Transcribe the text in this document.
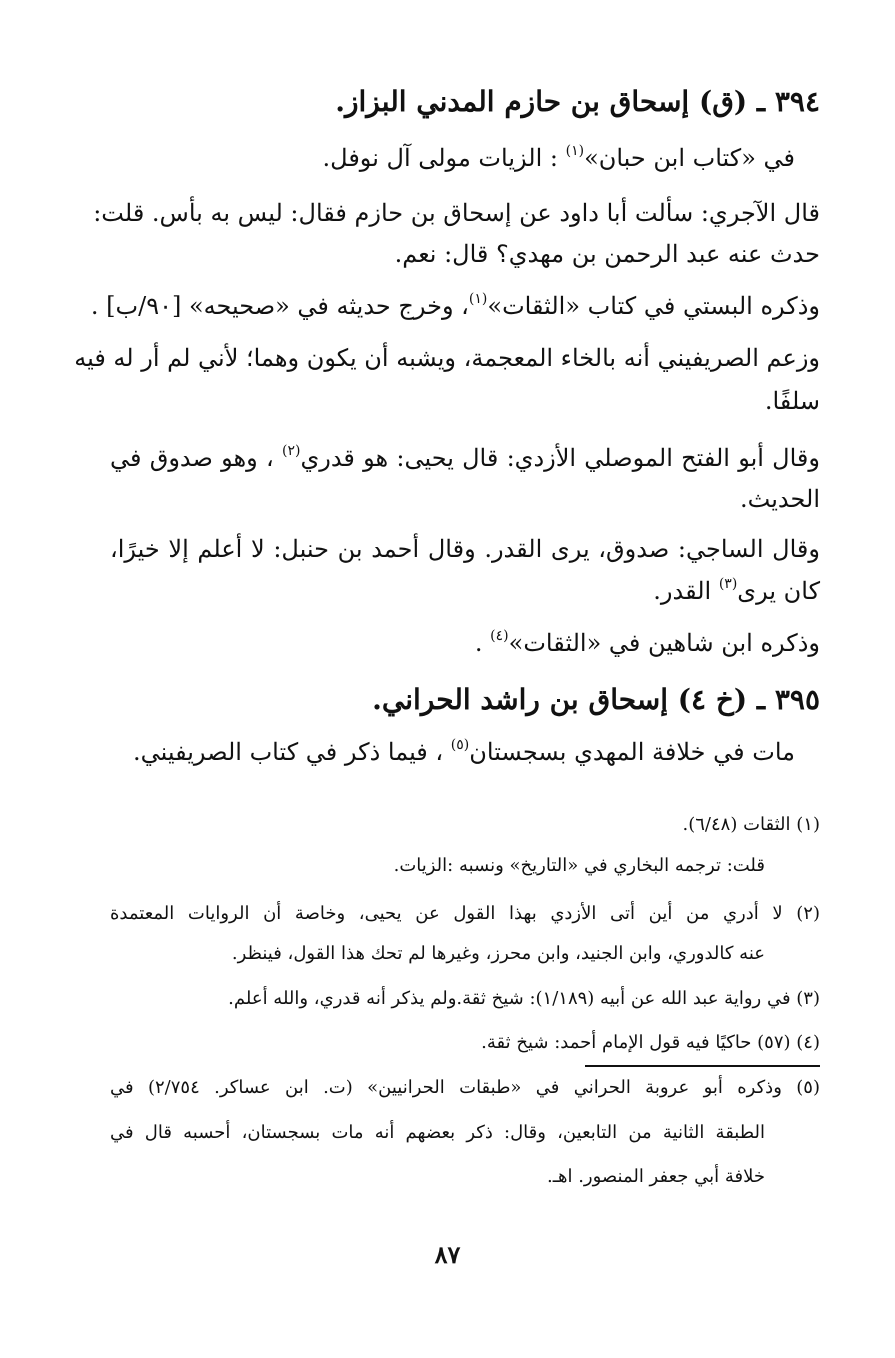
٣٩٤ ـ (ق) إسحاق بن حازم المدني البزاز.
في «كتاب ابن حبان»$^{(١)}$ : الزيات مولى آل نوفل.
قال الآجري: سألت أبا داود عن إسحاق بن حازم فقال: ليس به بأس. قلت:
حدث عنه عبد الرحمن بن مهدي؟ قال: نعم.
وذكره البستي في كتاب «الثقات»$^{(١)}$، وخرج حديثه في «صحيحه» [٩٠/ب] .
وزعم الصريفيني أنه بالخاء المعجمة، ويشبه أن يكون وهما؛ لأني لم أر له فيه
سلفًا.
وقال أبو الفتح الموصلي الأزدي: قال يحيى: هو قدري$^{(٢)}$ ، وهو صدوق في
الحديث.
وقال الساجي: صدوق، يرى القدر. وقال أحمد بن حنبل: لا أعلم إلا خيرًا،
كان يرى$^{(٣)}$ القدر.
وذكره ابن شاهين في «الثقات»$^{(٤)}$ .
٣٩٥ ـ (خ ٤) إسحاق بن راشد الحراني.
مات في خلافة المهدي بسجستان$^{(٥)}$ ، فيما ذكر في كتاب الصريفيني.
(١) الثقات (٦/٤٨).
قلت: ترجمه البخاري في «التاريخ» ونسبه :الزيات.
(٢) لا أدري من أين أتى الأزدي بهذا القول عن يحيى، وخاصة أن الروايات المعتمدة
عنه كالدوري، وابن الجنيد، وابن محرز، وغيرها لم تحك هذا القول، فينظر.
(٣) في رواية عبد الله عن أبيه (١/١٨٩): شيخ ثقة.ولم يذكر أنه قدري، والله أعلم.
(٤) (٥٧) حاكيًا فيه قول الإمام أحمد: شيخ ثقة.
(٥) وذكره أبو عروبة الحراني في «طبقات الحرانيين» (ت. ابن عساكر. ٢/٧٥٤) في
الطبقة الثانية من التابعين، وقال: ذكر بعضهم أنه مات بسجستان، أحسبه قال في
خلافة أبي جعفر المنصور. اهـ.
٨٧
